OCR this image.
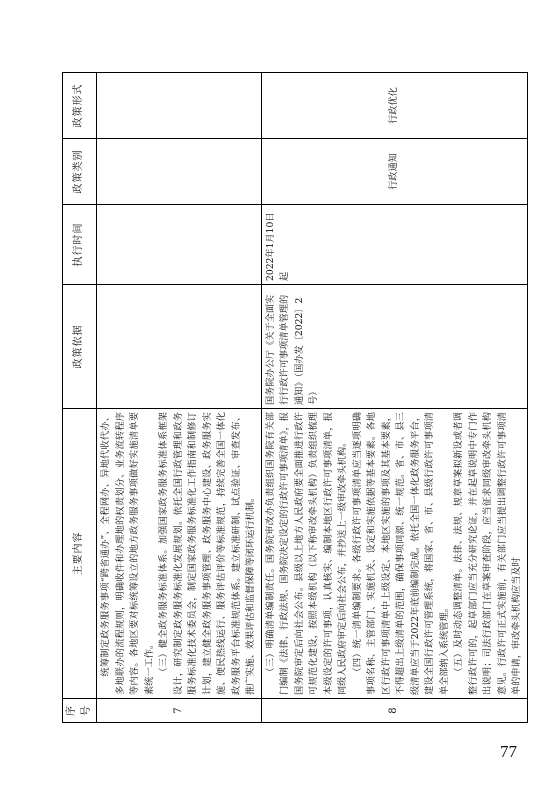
序号	主要内容	政策依据	执行时间	政策类别	政策形式
7	统筹制定政务服务事项“跨省通办”、全程网办、异地代收代办、多地联办的流程规则，明确收件和办理地的权责划分、业务流转程序等内容。各地区要对标统筹设立的地方政务服务事项做好实施清单要素统一工作。 （三）健全政务服务标准体系。加强国家政务服务标准体系框架设计，研究制定政务服务标准化发展规划。依托全国行政管理和政务服务标准化技术委员会，制定国家政务服务标准化工作指南和制修订计划，建立健全政务服务事项管理、政务服务中心建设、政务服务实施、便民热线运行、服务评估评价等标准规范，持续完善全国一体化政务服务平台标准规范体系。建立标准研制、试点验证、审查发布、推广实施、效果评估和监督保障等闭环运行机制。				

8	（三）明确清单编制责任。国务院审改办负责组织国务院有关部门编制《法律、行政法规、国务院决定设定的行政许可事项清单》，报国务院审定后向社会公布。县级以上地方人民政府要全面推进行政许可规范化建设，按照本级机构（以下称审改牵头机构）负责组织梳理本级设定的许可事项，认真核实、编制本地区行政许可事项清单，报同级人民政府审定后向社会公布，并抄送上一级审改牵头机构。 （四）统一清单编制要求。各级行政许可事项清单应当逐项明确事项名称、主管部门、实施机关、设定和实施依据等基本要素。各地区行政许可事项清单中上级设定、本地区实施的事项及其基本要素，不得超出上级清单的范围，确保事项同源、统一规范。省、市、县三级清单应当于2022年底前编制完成。依托全国一体化政务服务平台，建设全国行政许可管理系统，将国家、省、市、县级行政许可事项清单全部纳入系统管理。 （五）及时动态调整清单。法律、法规、规章草案拟新设或者调整行政许可的，起草部门应当充分研究论证，并在起草说明中专门作出说明；司法行政部门在草案审查阶段，应当征求同级审改牵头机构意见。行政许可正式实施前，有关部门应当提出调整行政许可事项清单的申请，审改牵头机构应当及时	国务院办公厅《关于全面实行行政许可事项清单管理的通知》（国办发〔2022〕2号）	2022年1月10日起	行政通知	行政优化
77
